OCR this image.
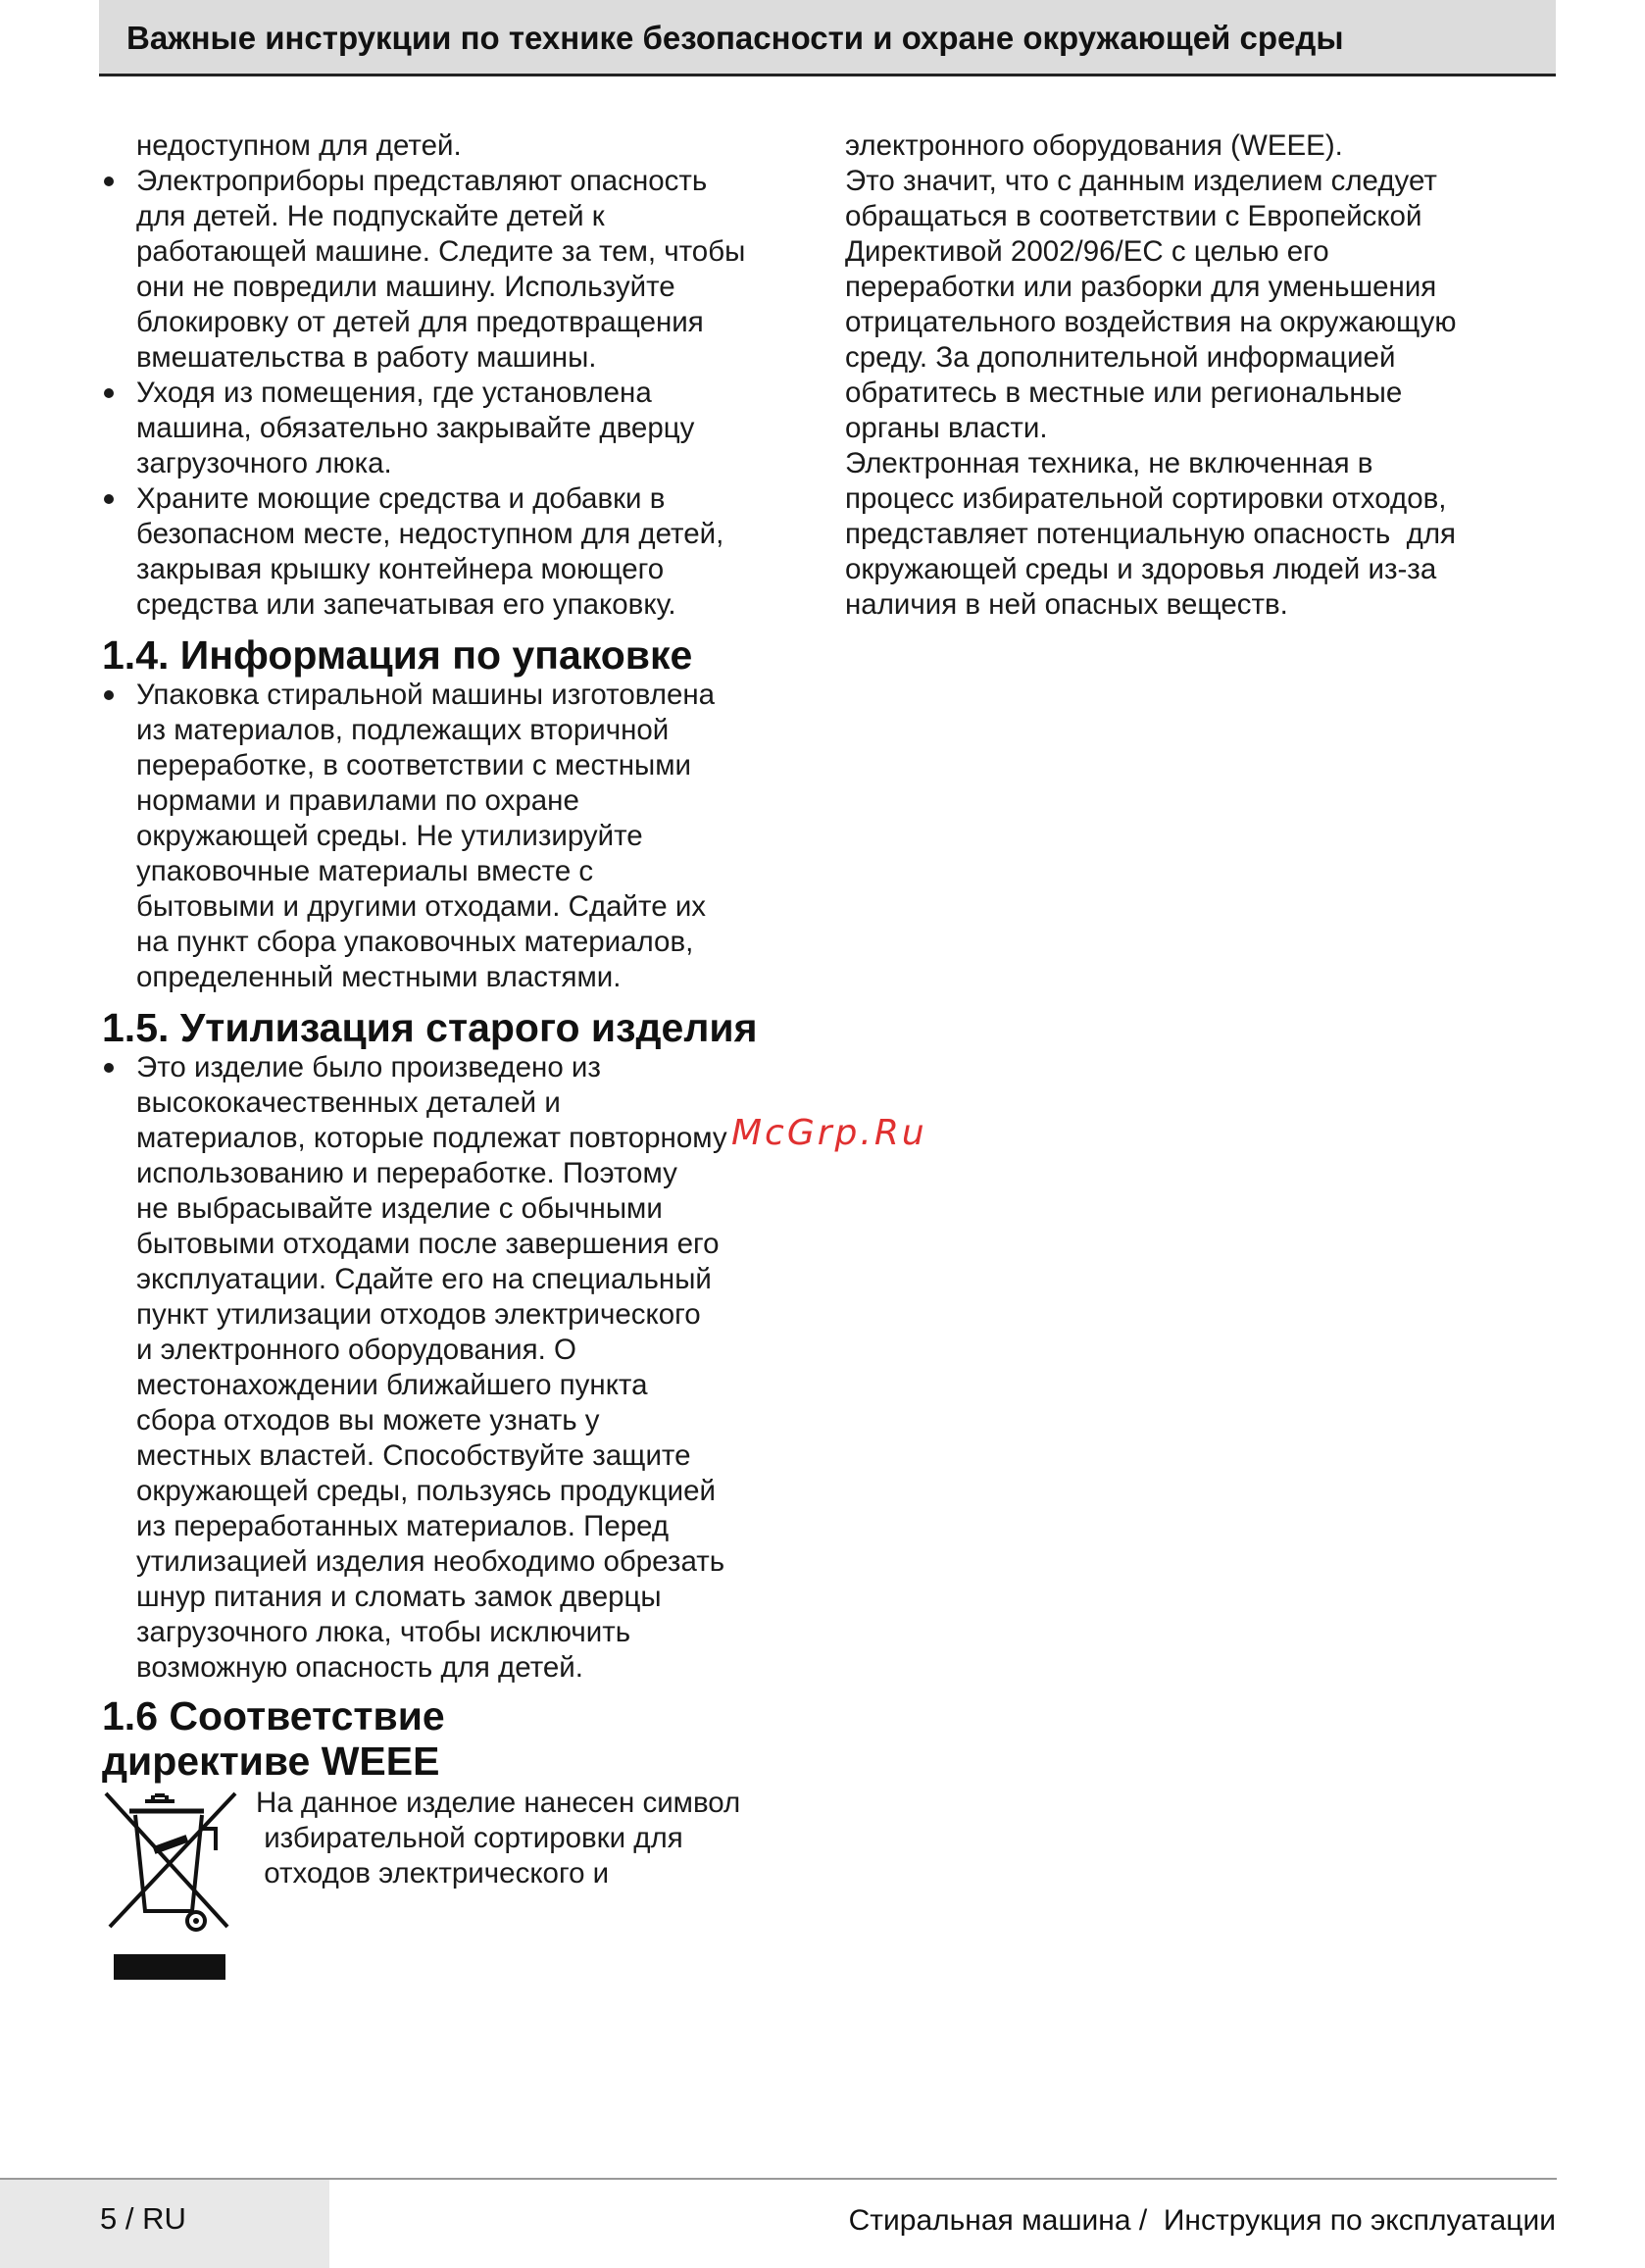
Важные инструкции по технике безопасности и охране окружающей среды

недоступном для детей.

Электроприборы представляют опасность
для детей. Не подпускайте детей к
работающей машине. Следите за тем, чтобы
они не повредили машину. Используйте
блокировку от детей для предотвращения
вмешательства в работу машины.
Уходя из помещения, где установлена
машина, обязательно закрывайте дверцу
загрузочного люка.
Храните моющие средства и добавки в
безопасном месте, недоступном для детей,
закрывая крышку контейнера моющего
средства или запечатывая его упаковку.
1.4. Информация по упаковке
Упаковка стиральной машины изготовлена
из материалов, подлежащих вторичной
переработке, в соответствии с местными
нормами и правилами по охране
окружающей среды. Не утилизируйте
упаковочные материалы вместе с
бытовыми и другими отходами. Сдайте их
на пункт сбора упаковочных материалов,
определенный местными властями.
1.5. Утилизация старого изделия
Это изделие было произведено из
высококачественных деталей и
материалов, которые подлежат повторному
использованию и переработке. Поэтому
не выбрасывайте изделие с обычными
бытовыми отходами после завершения его
эксплуатации. Сдайте его на специальный
пункт утилизации отходов электрического
и электронного оборудования. О
местонахождении ближайшего пункта
сбора отходов вы можете узнать у
местных властей. Способствуйте защите
окружающей среды, пользуясь продукцией
из переработанных материалов. Перед
утилизацией изделия необходимо обрезать
шнур питания и сломать замок дверцы
загрузочного люка, чтобы исключить
возможную опасность для детей.
1.6 Соответствие
директиве WEEE

На данное изделие нанесен символ

избирательной сортировки для

отходов электрического и

электронного оборудования (WEEE).

Это значит, что с данным изделием следует

обращаться в соответствии с Европейской

Директивой 2002/96/ЕС с целью его

переработки или разборки для уменьшения

отрицательного воздействия на окружающую

среду. За дополнительной информацией

обратитесь в местные или региональные

органы власти.

Электронная техника, не включенная в

процесс избирательной сортировки отходов,

представляет потенциальную опасность  для

окружающей среды и здоровья людей из-за

наличия в ней опасных веществ.

McGrp.Ru
5 / RU	Стиральная машина /  Инструкция по эксплуатации
